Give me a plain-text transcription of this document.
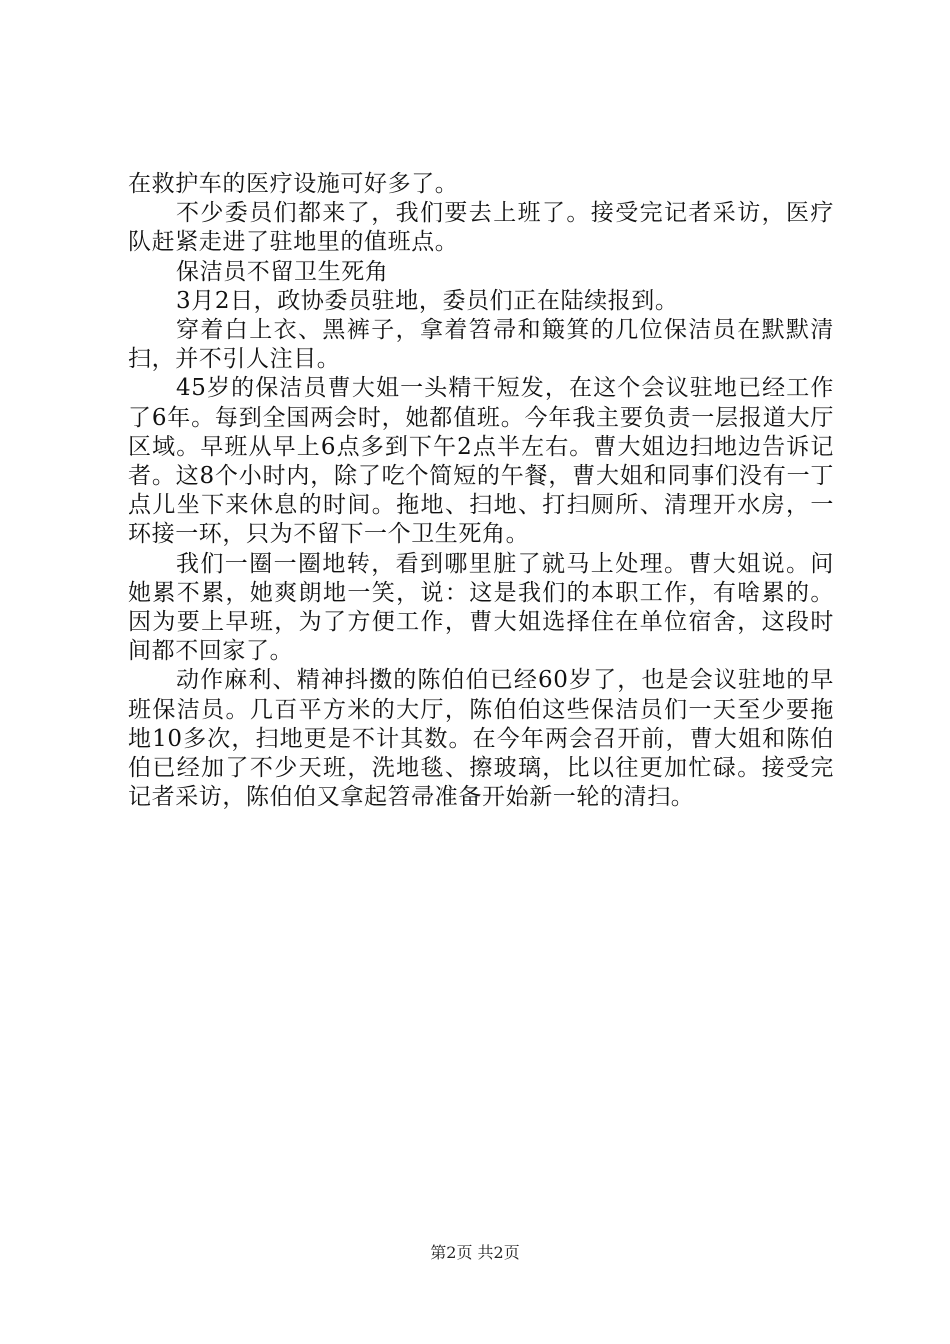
在救护车的医疗设施可好多了。

不少委员们都来了，我们要去上班了。接受完记者采访，医疗队赶紧走进了驻地里的值班点。

保洁员不留卫生死角

3月2日，政协委员驻地，委员们正在陆续报到。

穿着白上衣、黑裤子，拿着笤帚和簸箕的几位保洁员在默默清扫，并不引人注目。

45岁的保洁员曹大姐一头精干短发，在这个会议驻地已经工作了6年。每到全国两会时，她都值班。今年我主要负责一层报道大厅区域。早班从早上6点多到下午2点半左右。曹大姐边扫地边告诉记者。这8个小时内，除了吃个简短的午餐，曹大姐和同事们没有一丁点儿坐下来休息的时间。拖地、扫地、打扫厕所、清理开水房，一环接一环，只为不留下一个卫生死角。

我们一圈一圈地转，看到哪里脏了就马上处理。曹大姐说。问她累不累，她爽朗地一笑，说：这是我们的本职工作，有啥累的。因为要上早班，为了方便工作，曹大姐选择住在单位宿舍，这段时间都不回家了。

动作麻利、精神抖擞的陈伯伯已经60岁了，也是会议驻地的早班保洁员。几百平方米的大厅，陈伯伯这些保洁员们一天至少要拖地10多次，扫地更是不计其数。在今年两会召开前，曹大姐和陈伯伯已经加了不少天班，洗地毯、擦玻璃，比以往更加忙碌。接受完记者采访，陈伯伯又拿起笤帚准备开始新一轮的清扫。

第2页 共2页
